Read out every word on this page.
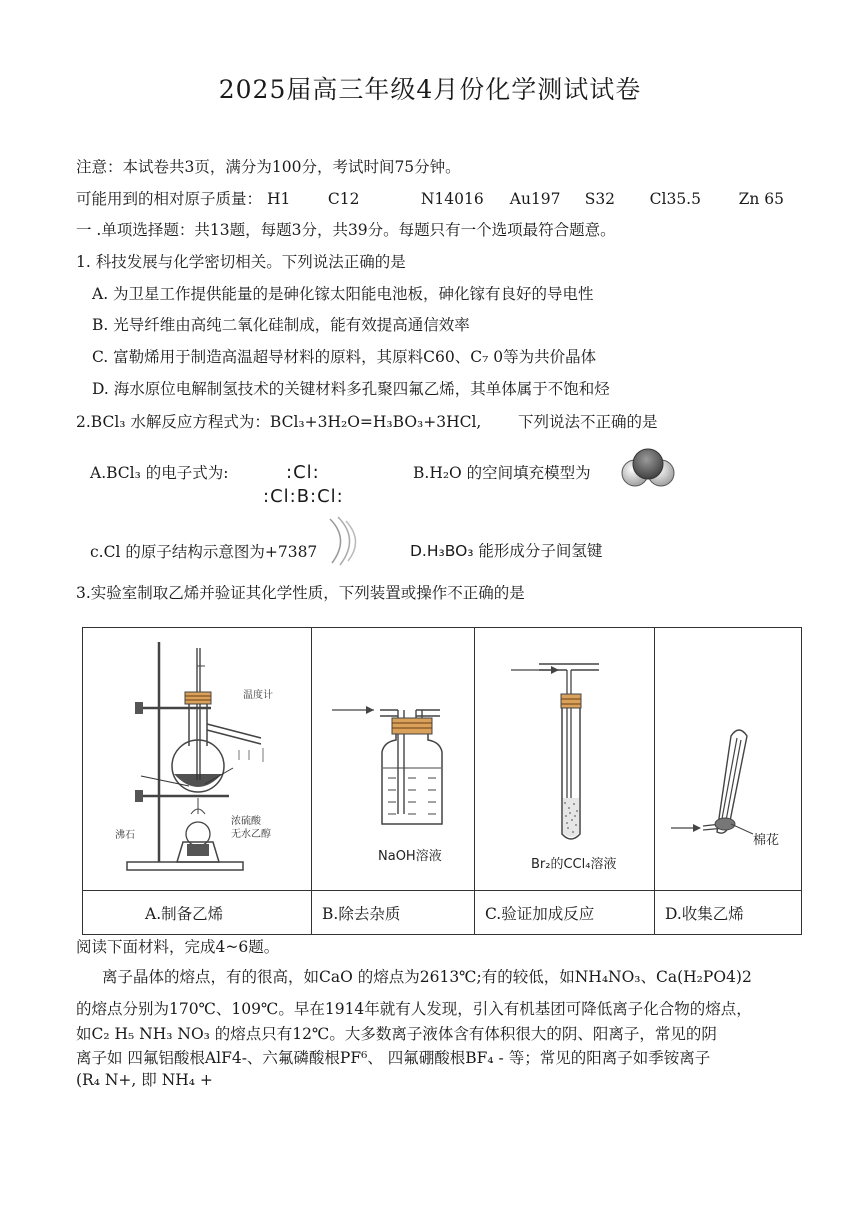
2025届高三年级4月份化学测试试卷
注意：本试卷共3页，满分为100分，考试时间75分钟。
可能用到的相对原子质量： H1 C12	N14016 Au197 S32 Cl35.5 Zn 65
一 .单项选择题：共13题，每题3分，共39分。每题只有一个选项最符合题意。
1. 科技发展与化学密切相关。下列说法正确的是
A. 为卫星工作提供能量的是砷化镓太阳能电池板，砷化镓有良好的导电性
B. 光导纤维由高纯二氧化硅制成，能有效提高通信效率
C. 富勒烯用于制造高温超导材料的原料，其原料C60、C₇ 0等为共价晶体
D. 海水原位电解制氢技术的关键材料多孔聚四氟乙烯，其单体属于不饱和烃
2.BCl₃ 水解反应方程式为：BCl₃+3H₂O=H₃BO₃+3HCl, 下列说法不正确的是
A.BCl₃ 的电子式为:	:Cl:
:Cl:B:Cl:
B.H₂O 的空间填充模型为
c.Cl 的原子结构示意图为+7387	D.H₃BO₃ 能形成分子间氢键
3.实验室制取乙烯并验证其化学性质，下列装置或操作不正确的是
温度计
浓硫酸
无水乙醇
沸石	NaOH溶液	Br₂的CCl₄溶液	棉花

A.制备乙烯	B.除去杂质	C.验证加成反应	D.收集乙烯
阅读下面材料，完成4~6题。
离子晶体的熔点，有的很高，如CaO 的熔点为2613℃;有的较低，如NH₄NO₃、Ca(H₂PO4)2
的熔点分别为170℃、109℃。早在1914年就有人发现，引入有机基团可降低离子化合物的熔点，
如C₂ H₅ NH₃ NO₃ 的熔点只有12℃。大多数离子液体含有体积很大的阴、阳离子，常见的阴
离子如 四氟铝酸根AlF4-、六氟磷酸根PF⁶、 四氟硼酸根BF₄ - 等；常见的阳离子如季铵离子
(R₄ N+, 即 NH₄ +
